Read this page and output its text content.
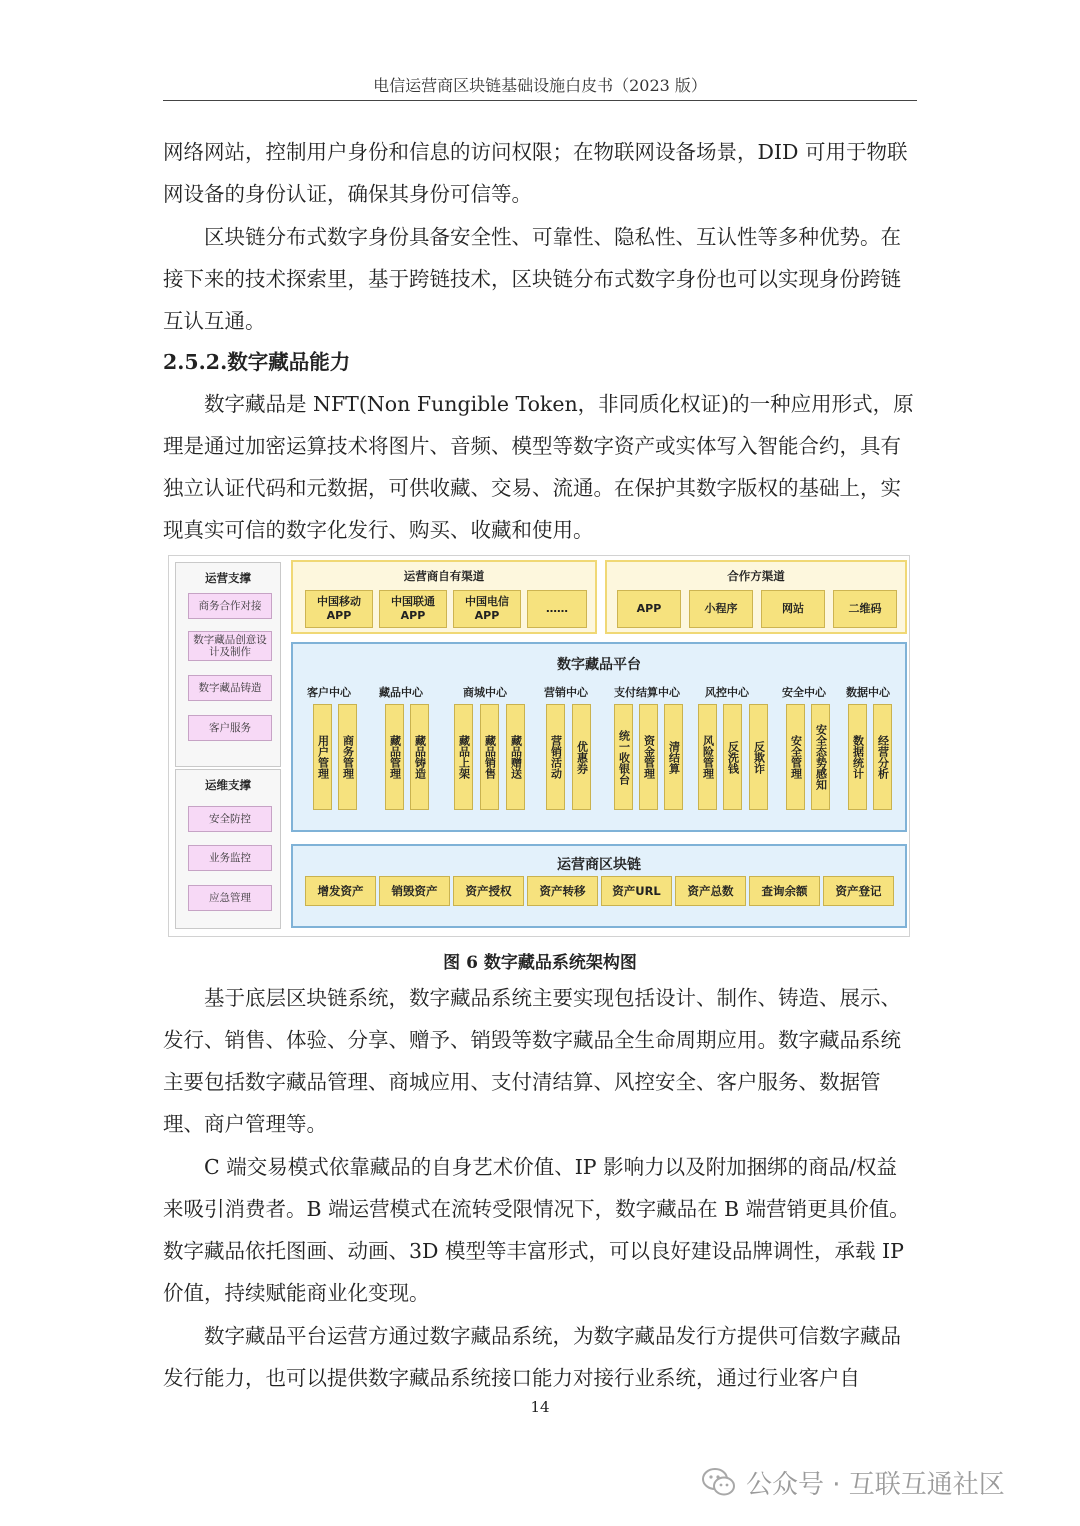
电信运营商区块链基础设施白皮书（2023 版）

网络网站，控制用户身份和信息的访问权限；在物联网设备场景，DID 可用于物联网设备的身份认证，确保其身份可信等。

区块链分布式数字身份具备安全性、可靠性、隐私性、互认性等多种优势。在接下来的技术探索里，基于跨链技术，区块链分布式数字身份也可以实现身份跨链互认互通。

2.5.2.数字藏品能力

数字藏品是 NFT(Non Fungible Token，非同质化权证)的一种应用形式，原理是通过加密运算技术将图片、音频、模型等数字资产或实体写入智能合约，具有独立认证代码和元数据，可供收藏、交易、流通。在保护其数字版权的基础上，实现真实可信的数字化发行、购买、收藏和使用。

运营支撑
商务合作对接
数字藏品创意设计及制作
数字藏品铸造
客户服务
运维支撑
安全防控
业务监控
应急管理
运营商自有渠道
中国移动APP
中国联通APP
中国电信APP
……
合作方渠道
APP	小程序	网站	二维码
数字藏品平台
客户中心
用户管理	商务管理
藏品中心
藏品管理	藏品铸造
商城中心
藏品上架	藏品销售	藏品赠送
营销中心
营销活动	优惠券
支付结算中心
统一收银台	资金管理	清结算
风控中心
风险管理	反洗钱	反欺诈
安全中心
安全管理	安全态势感知
数据中心
数据统计	经营分析
运营商区块链
增发资产	销毁资产	资产授权	资产转移	资产URL	资产总数	查询余额	资产登记
图 6 数字藏品系统架构图

基于底层区块链系统，数字藏品系统主要实现包括设计、制作、铸造、展示、发行、销售、体验、分享、赠予、销毁等数字藏品全生命周期应用。数字藏品系统主要包括数字藏品管理、商城应用、支付清结算、风控安全、客户服务、数据管理、商户管理等。

C 端交易模式依靠藏品的自身艺术价值、IP 影响力以及附加捆绑的商品/权益来吸引消费者。B 端运营模式在流转受限情况下，数字藏品在 B 端营销更具价值。数字藏品依托图画、动画、3D 模型等丰富形式，可以良好建设品牌调性，承载 IP 价值，持续赋能商业化变现。

数字藏品平台运营方通过数字藏品系统，为数字藏品发行方提供可信数字藏品发行能力，也可以提供数字藏品系统接口能力对接行业系统，通过行业客户自

14
公众号 · 互联互通社区
